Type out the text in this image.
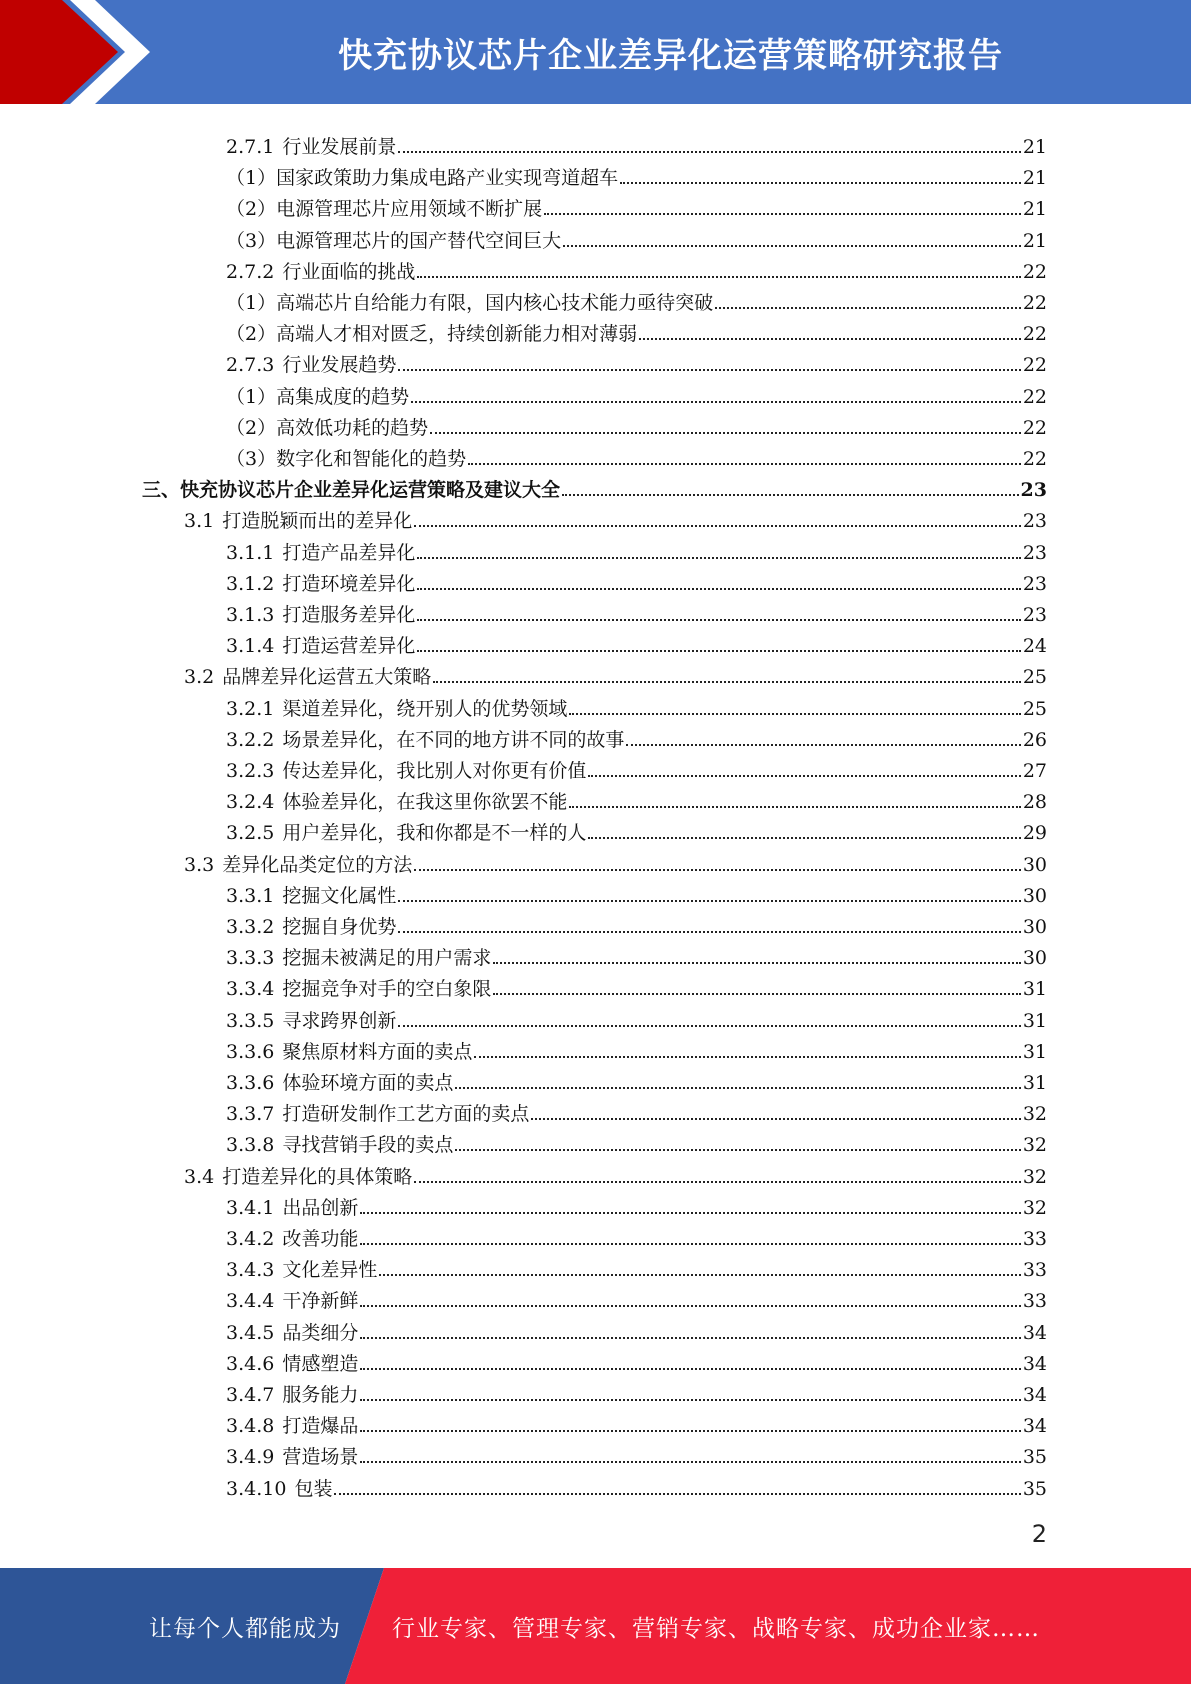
快充协议芯片企业差异化运营策略研究报告
2.7.1 行业发展前景	21
（1） 国家政策助力集成电路产业实现弯道超车	21
（2） 电源管理芯片应用领域不断扩展	21
（3） 电源管理芯片的国产替代空间巨大	21
2.7.2 行业面临的挑战	22
（1） 高端芯片自给能力有限，国内核心技术能力亟待突破	22
（2） 高端人才相对匮乏，持续创新能力相对薄弱	22
2.7.3 行业发展趋势	22
（1） 高集成度的趋势	22
（2） 高效低功耗的趋势	22
（3） 数字化和智能化的趋势	22
三、快充协议芯片企业差异化运营策略及建议大全	23
3.1 打造脱颖而出的差异化	23
3.1.1 打造产品差异化	23
3.1.2 打造环境差异化	23
3.1.3 打造服务差异化	23
3.1.4 打造运营差异化	24
3.2 品牌差异化运营五大策略	25
3.2.1 渠道差异化，绕开别人的优势领域	25
3.2.2 场景差异化，在不同的地方讲不同的故事	26
3.2.3 传达差异化，我比别人对你更有价值	27
3.2.4 体验差异化，在我这里你欲罢不能	28
3.2.5 用户差异化，我和你都是不一样的人	29
3.3 差异化品类定位的方法	30
3.3.1 挖掘文化属性	30
3.3.2 挖掘自身优势	30
3.3.3 挖掘未被满足的用户需求	30
3.3.4 挖掘竞争对手的空白象限	31
3.3.5 寻求跨界创新	31
3.3.6 聚焦原材料方面的卖点	31
3.3.6 体验环境方面的卖点	31
3.3.7 打造研发制作工艺方面的卖点	32
3.3.8 寻找营销手段的卖点	32
3.4 打造差异化的具体策略	32
3.4.1 出品创新	32
3.4.2 改善功能	33
3.4.3 文化差异性	33
3.4.4 干净新鲜	33
3.4.5 品类细分	34
3.4.6 情感塑造	34
3.4.7 服务能力	34
3.4.8 打造爆品	34
3.4.9 营造场景	35
3.4.10 包装	35
2
让每个人都能成为	行业专家、管理专家、营销专家、战略专家、成功企业家……
